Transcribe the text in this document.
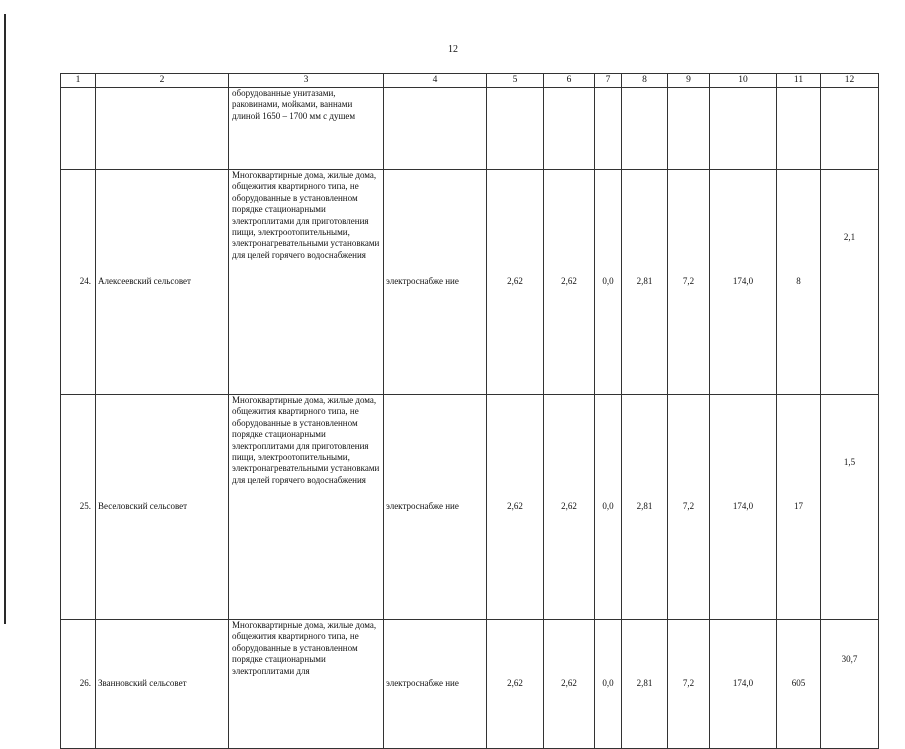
12
1	2	3	4	5	6	7	8	9	10	11	12
		оборудованные унитазами, раковинами, мойками, ваннами длиной 1650 – 1700 мм с душем									
24.	Алексеевский сельсовет	Многоквартирные дома, жилые дома, общежития квартирного типа, не оборудованные в установленном порядке стационарными электроплитами для приготовления пищи, электроотопительными, электронагревательными установками для целей горячего водоснабжения	электроснабже ние	2,62	2,62	0,0	2,81	7,2	174,0	8	2,1
25.	Веселовский сельсовет	Многоквартирные дома, жилые дома, общежития квартирного типа, не оборудованные в установленном порядке стационарными электроплитами для приготовления пищи, электроотопительными, электронагревательными установками для целей горячего водоснабжения	электроснабже ние	2,62	2,62	0,0	2,81	7,2	174,0	17	1,5
26.	Званновский сельсовет	Многоквартирные дома, жилые дома, общежития квартирного типа, не оборудованные в установленном порядке стационарными электроплитами для	электроснабже ние	2,62	2,62	0,0	2,81	7,2	174,0	605	30,7
